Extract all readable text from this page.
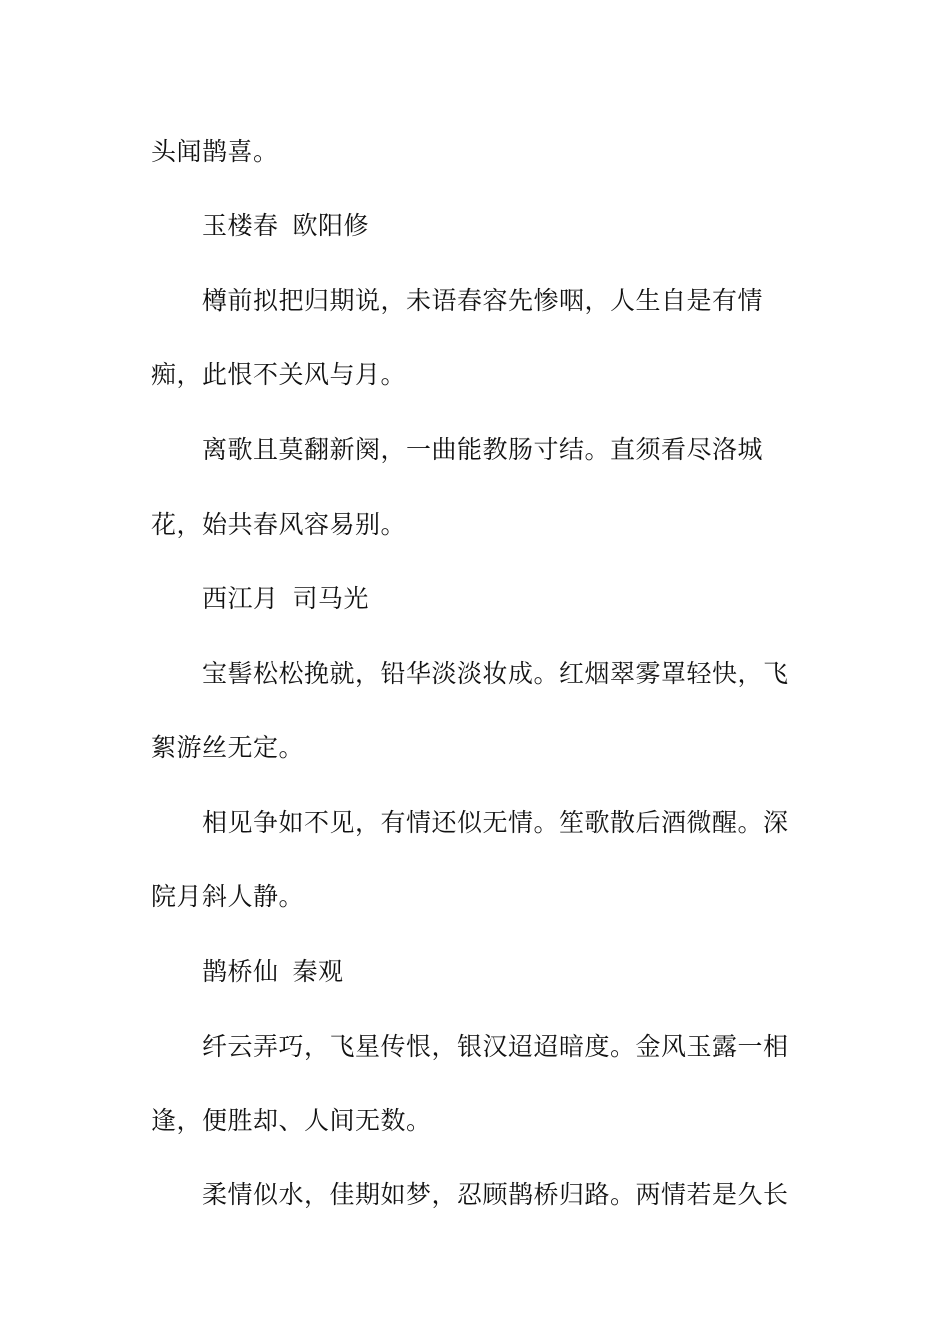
头闻鹊喜。
玉楼春 欧阳修
樽前拟把归期说，未语春容先惨咽，人生自是有情
痴，此恨不关风与月。
离歌且莫翻新阕，一曲能教肠寸结。直须看尽洛城
花，始共春风容易别。
西江月 司马光
宝髻松松挽就，铅华淡淡妆成。红烟翠雾罩轻快，飞
絮游丝无定。
相见争如不见，有情还似无情。笙歌散后酒微醒。深
院月斜人静。
鹊桥仙 秦观
纤云弄巧，飞星传恨，银汉迢迢暗度。金风玉露一相
逢，便胜却、人间无数。
柔情似水，佳期如梦，忍顾鹊桥归路。两情若是久长
